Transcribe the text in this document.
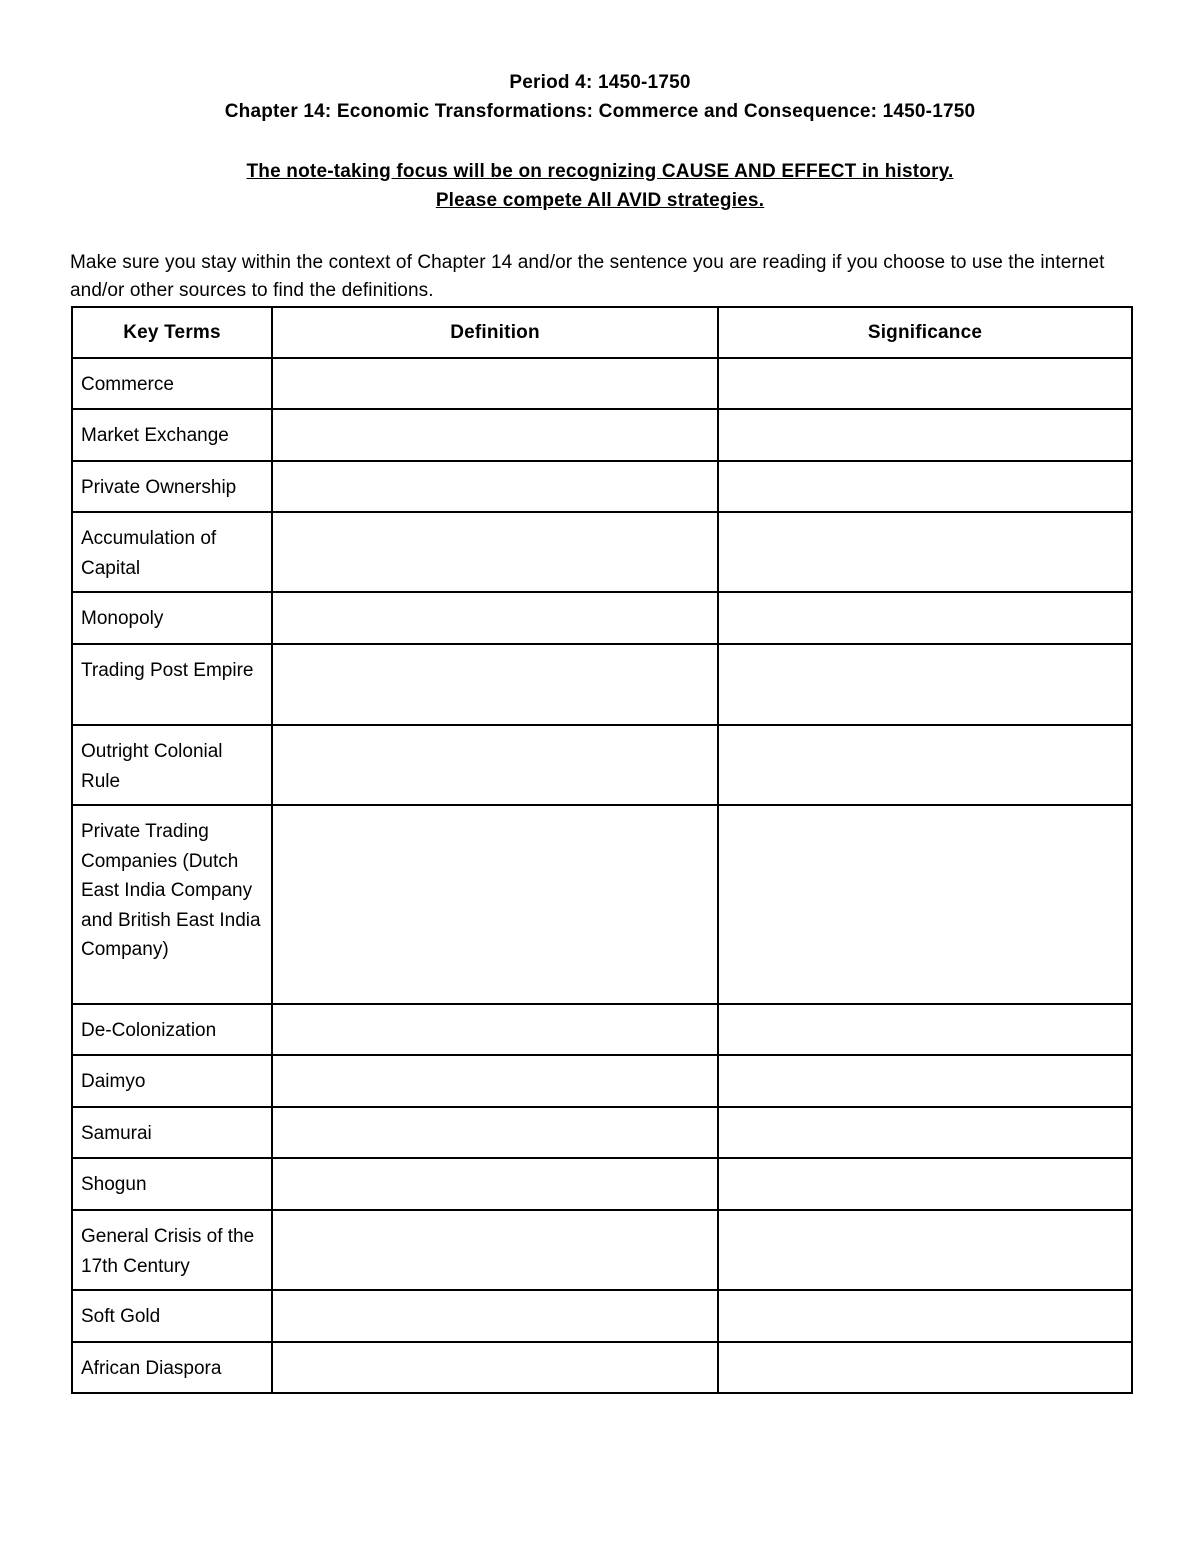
Period 4: 1450-1750
Chapter 14: Economic Transformations: Commerce and Consequence: 1450-1750
The note-taking focus will be on recognizing CAUSE AND EFFECT in history.
Please compete All AVID strategies.
Make sure you stay within the context of Chapter 14 and/or the sentence you are reading if you choose to use the internet and/or other sources to find the definitions.
Key Terms	Definition	Significance
Commerce		
Market Exchange		
Private Ownership		
Accumulation of Capital		
Monopoly		
Trading Post Empire		
Outright Colonial Rule		
Private Trading Companies (Dutch East India Company and British East India Company)		
De-Colonization		
Daimyo		
Samurai		
Shogun		
General Crisis of the 17th Century		
Soft Gold		
African Diaspora		
